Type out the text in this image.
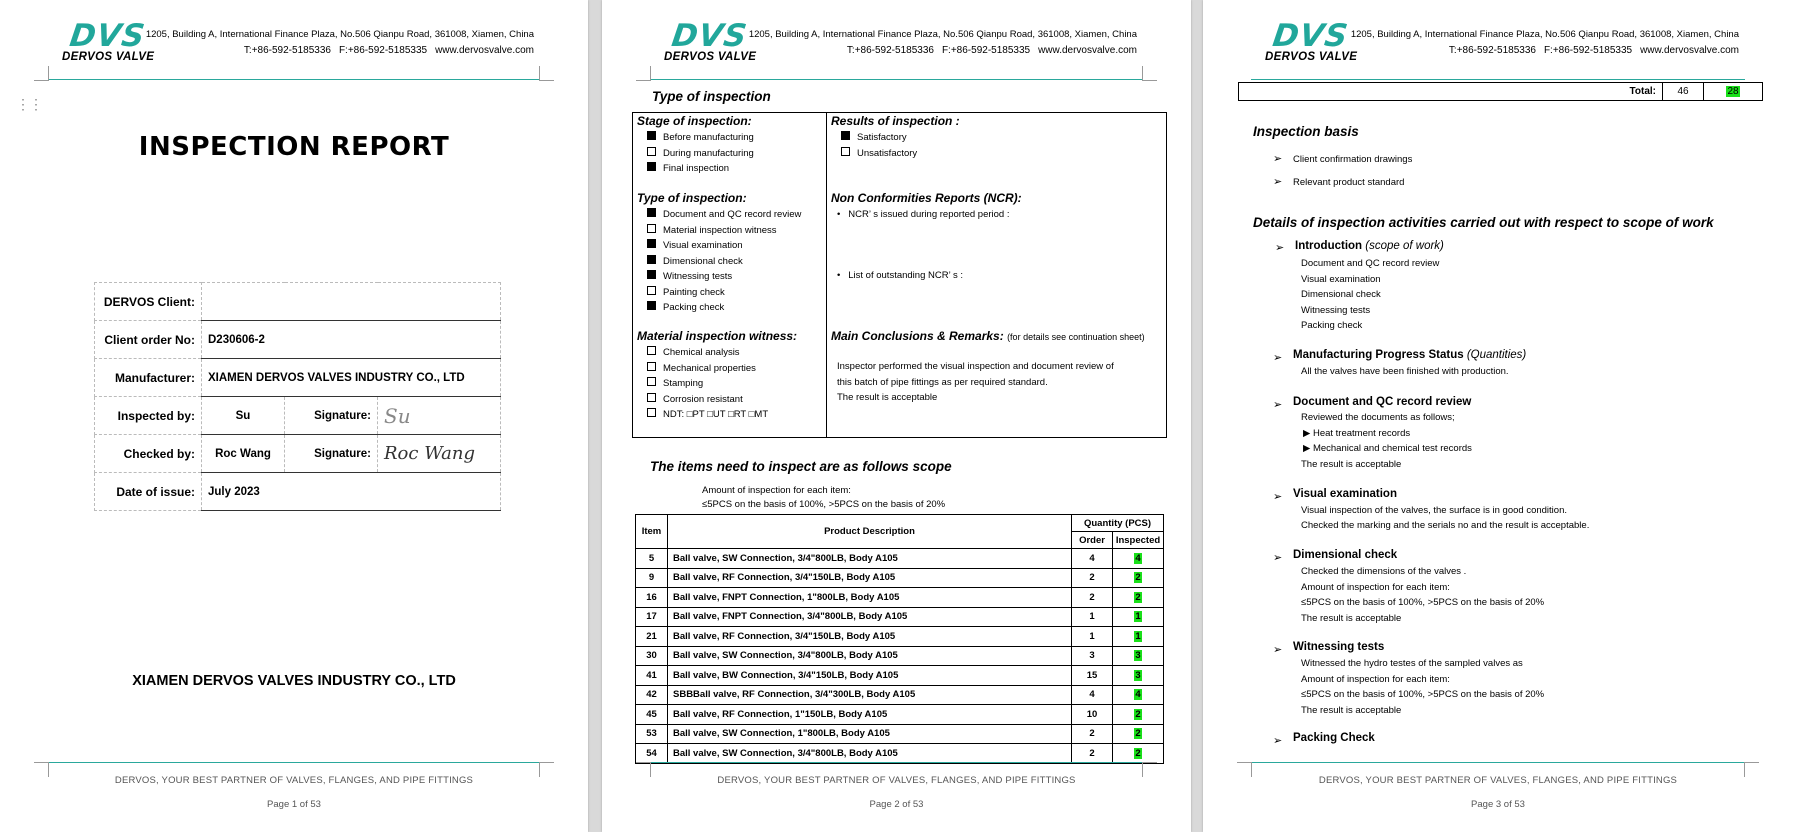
DVS
DERVOS VALVE
1205, Building A, International Finance Plaza, No.506 Qianpu Road, 361008, Xiamen, China
T:+86-592-5185336 F:+86-592-5185335 www.dervosvalve.com
⋮⋮
INSPECTION REPORT
DERVOS Client:			
Client order No:	D230606-2		
Manufacturer:	XIAMEN DERVOS VALVES INDUSTRY CO., LTD		
Inspected by:	Su	Signature:	Su
Checked by:	Roc Wang	Signature:	Roc Wang
Date of issue:	July 2023		
XIAMEN DERVOS VALVES INDUSTRY CO., LTD
DERVOS, YOUR BEST PARTNER OF VALVES, FLANGES, AND PIPE FITTINGS
Page 1 of 53
DVS
DERVOS VALVE
1205, Building A, International Finance Plaza, No.506 Qianpu Road, 361008, Xiamen, China
T:+86-592-5185336 F:+86-592-5185335 www.dervosvalve.com
Type of inspection
Stage of inspection:
Before manufacturing
During manufacturing
Final inspection
Type of inspection:
Document and QC record review
Material inspection witness
Visual examination
Dimensional check
Witnessing tests
Painting check
Packing check
Material inspection witness:
Chemical analysis
Mechanical properties
Stamping
Corrosion resistant
NDT: □PT □UT □RT □MT
Results of inspection :
Satisfactory
Unsatisfactory
Non Conformities Reports (NCR):
•   NCR’ s issued during reported period :
•   List of outstanding NCR’ s :
Main Conclusions & Remarks: (for details see continuation sheet)
Inspector performed the visual inspection and document review of
this batch of pipe fittings as per required standard.
The result is acceptable
The items need to inspect are as follows scope
Amount of inspection for each item:
≤5PCS on the basis of 100%, >5PCS on the basis of 20%
Item	Product Description	Quantity (PCS)	
		Order	Inspected
5	Ball valve, SW Connection, 3/4"800LB, Body A105	4	4
9	Ball valve, RF Connection, 3/4"150LB, Body A105	2	2
16	Ball valve, FNPT Connection, 1"800LB, Body A105	2	2
17	Ball valve, FNPT Connection, 3/4"800LB, Body A105	1	1
21	Ball valve, RF Connection, 3/4"150LB, Body A105	1	1
30	Ball valve, SW Connection, 3/4"800LB, Body A105	3	3
41	Ball valve, BW Connection, 3/4"150LB, Body A105	15	3
42	SBBBall valve, RF Connection, 3/4"300LB, Body A105	4	4
45	Ball valve, RF Connection, 1"150LB, Body A105	10	2
53	Ball valve, SW Connection, 1"800LB, Body A105	2	2
54	Ball valve, SW Connection, 3/4"800LB, Body A105	2	2
DERVOS, YOUR BEST PARTNER OF VALVES, FLANGES, AND PIPE FITTINGS
Page 2 of 53
DVS
DERVOS VALVE
1205, Building A, International Finance Plaza, No.506 Qianpu Road, 361008, Xiamen, China
T:+86-592-5185336 F:+86-592-5185335 www.dervosvalve.com
Total:	46	28
Inspection basis
➢ Client confirmation drawings
➢ Relevant product standard
Details of inspection activities carried out with respect to scope of work
➢ Introduction (scope of work)
Document and QC record review
Visual examination
Dimensional check
Witnessing tests
Packing check
➢ Manufacturing Progress Status (Quantities)
All the valves have been finished with production.
➢ Document and QC record review
Reviewed the documents as follows;
▶ Heat treatment records
▶ Mechanical and chemical test records
The result is acceptable
➢ Visual examination
Visual inspection of the valves, the surface is in good condition.
Checked the marking and the serials no and the result is acceptable.
➢ Dimensional check
Checked the dimensions of the valves .
Amount of inspection for each item:
≤5PCS on the basis of 100%, >5PCS on the basis of 20%
The result is acceptable
➢ Witnessing tests
Witnessed the hydro testes of the sampled valves as
Amount of inspection for each item:
≤5PCS on the basis of 100%, >5PCS on the basis of 20%
The result is acceptable
➢ Packing Check
DERVOS, YOUR BEST PARTNER OF VALVES, FLANGES, AND PIPE FITTINGS
Page 3 of 53
